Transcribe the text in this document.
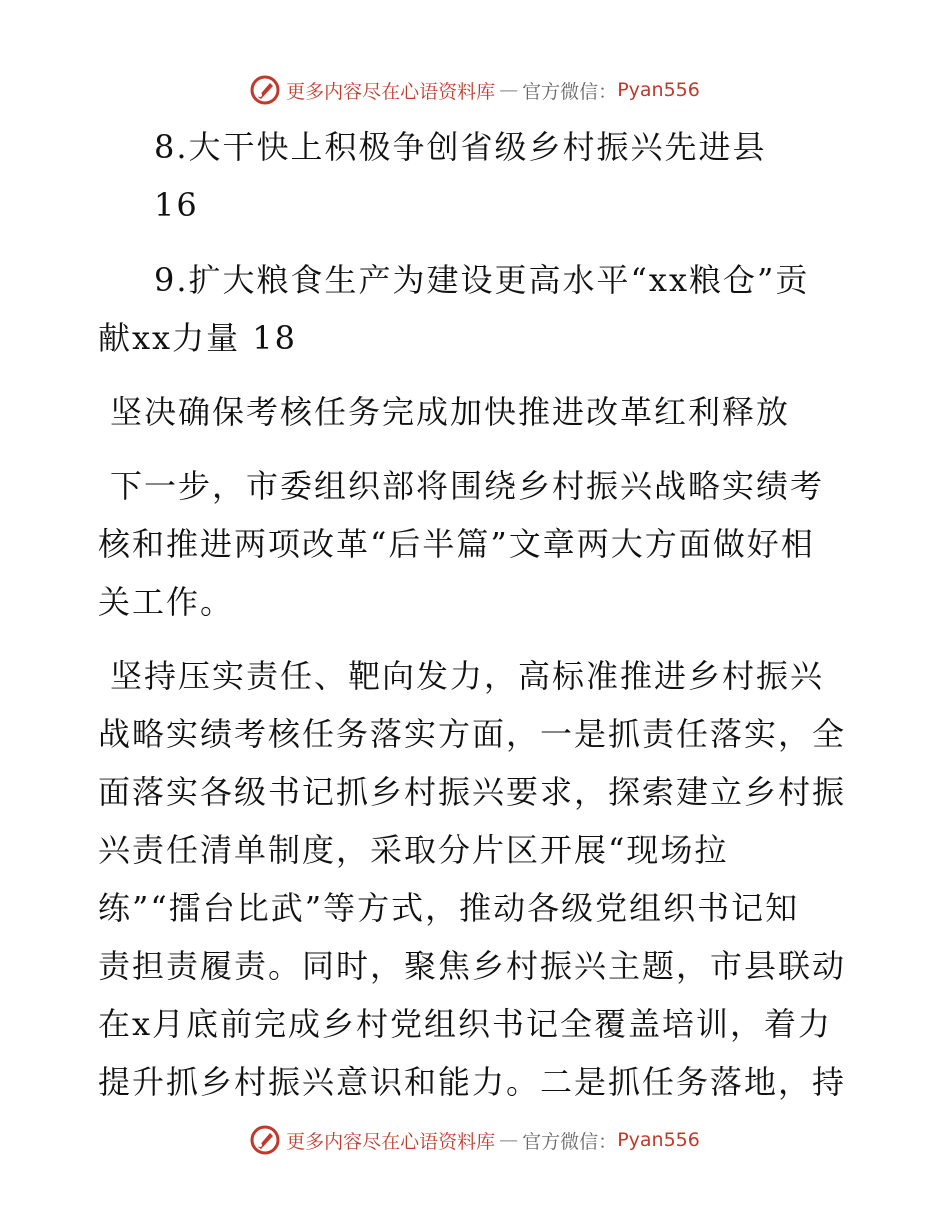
更多内容尽在心语资料库 — 官方微信： Pyan556
8.大干快上积极争创省级乡村振兴先进县
16
9.扩大粮食生产为建设更高水平“xx粮仓”贡
献xx力量 18
坚决确保考核任务完成加快推进改革红利释放
下一步，市委组织部将围绕乡村振兴战略实绩考
核和推进两项改革“后半篇”文章两大方面做好相
关工作。
坚持压实责任、靶向发力，高标准推进乡村振兴
战略实绩考核任务落实方面，一是抓责任落实，全
面落实各级书记抓乡村振兴要求，探索建立乡村振
兴责任清单制度，采取分片区开展“现场拉
练”“擂台比武”等方式，推动各级党组织书记知
责担责履责。同时，聚焦乡村振兴主题，市县联动
在x月底前完成乡村党组织书记全覆盖培训，着力
提升抓乡村振兴意识和能力。二是抓任务落地，持
更多内容尽在心语资料库 — 官方微信： Pyan556
